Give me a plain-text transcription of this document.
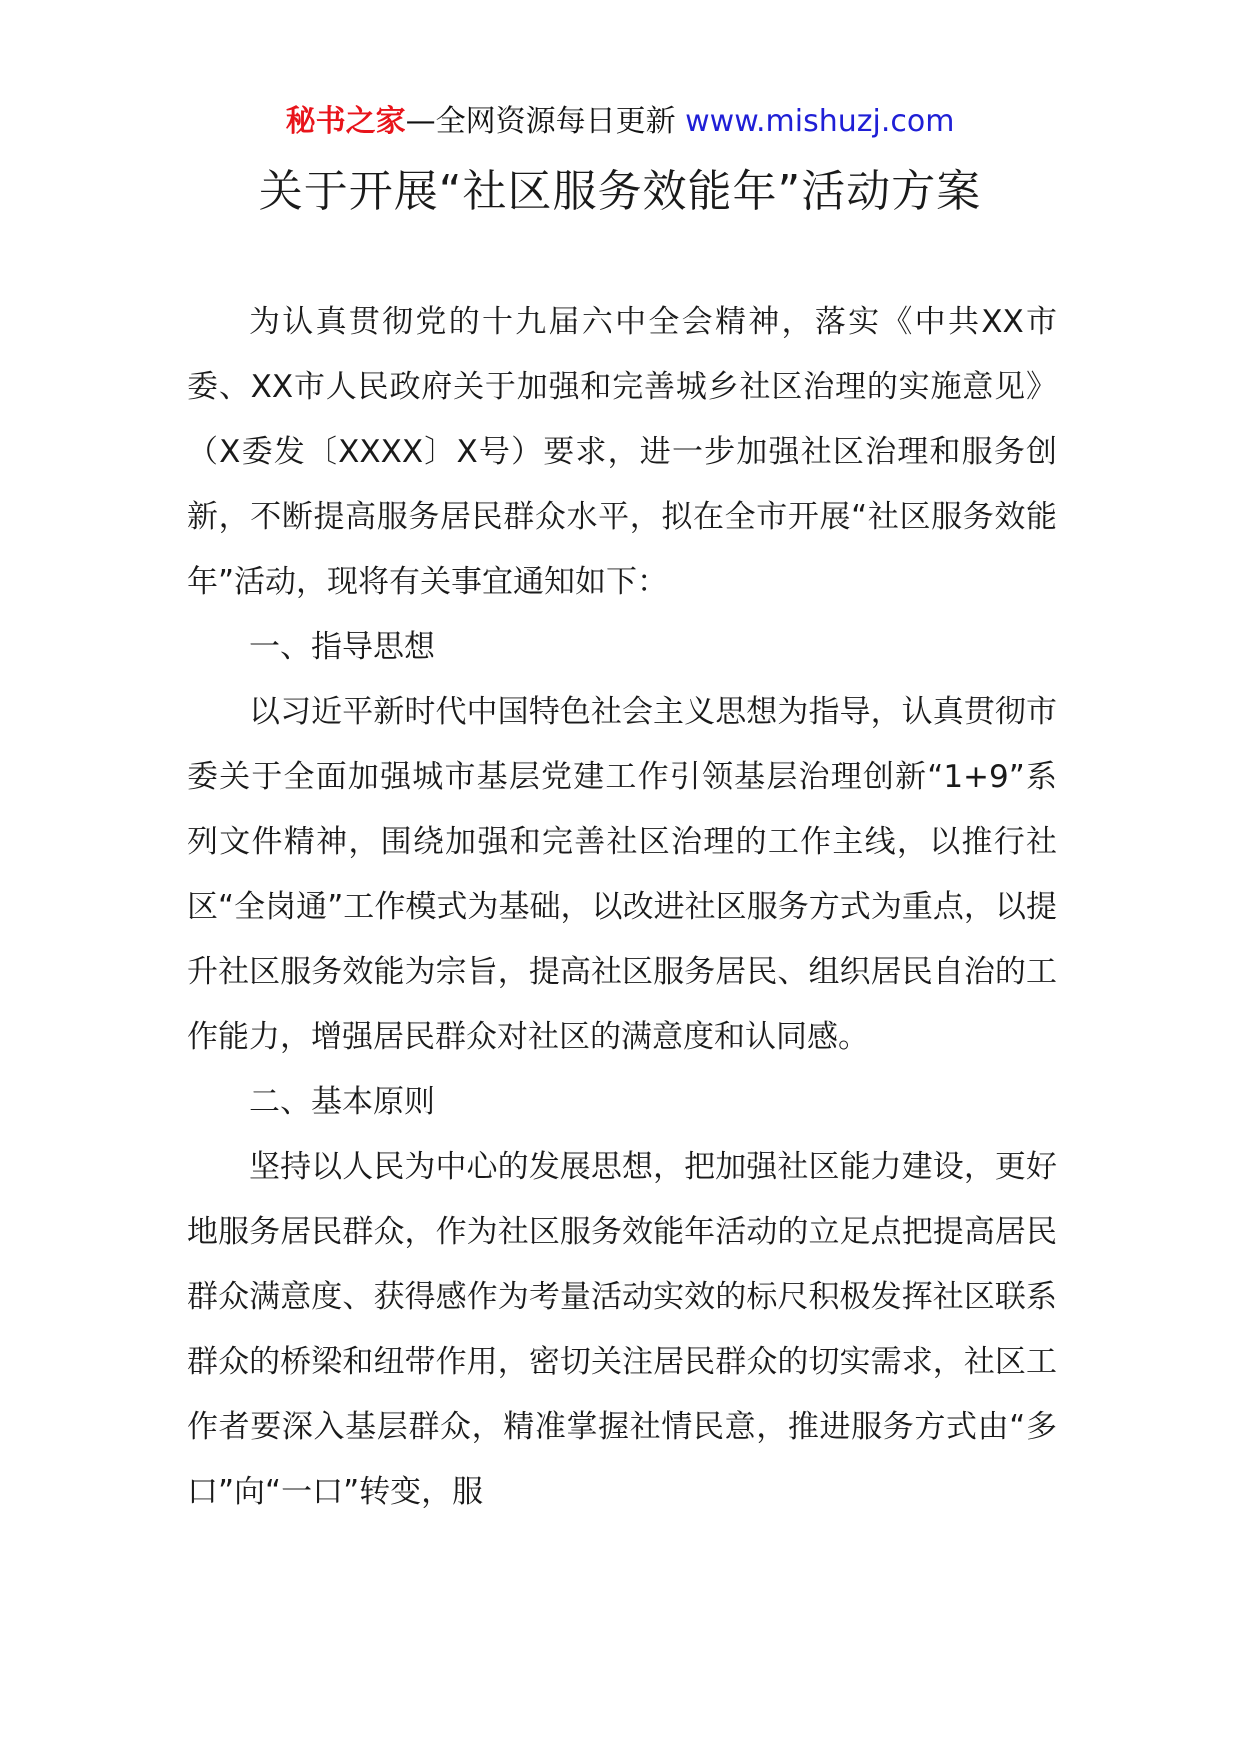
秘书之家—全网资源每日更新 www.mishuzj.com
关于开展“社区服务效能年”活动方案

为认真贯彻党的十九届六中全会精神，落实《中共XX市委、XX市人民政府关于加强和完善城乡社区治理的实施意见》（X委发〔XXXX〕X号）要求，进一步加强社区治理和服务创新，不断提高服务居民群众水平，拟在全市开展“社区服务效能年”活动，现将有关事宜通知如下：

一、指导思想

以习近平新时代中国特色社会主义思想为指导，认真贯彻市委关于全面加强城市基层党建工作引领基层治理创新“1+9”系列文件精神，围绕加强和完善社区治理的工作主线，以推行社区“全岗通”工作模式为基础，以改进社区服务方式为重点，以提升社区服务效能为宗旨，提高社区服务居民、组织居民自治的工作能力，增强居民群众对社区的满意度和认同感。

二、基本原则

坚持以人民为中心的发展思想，把加强社区能力建设，更好地服务居民群众，作为社区服务效能年活动的立足点把提高居民群众满意度、获得感作为考量活动实效的标尺积极发挥社区联系群众的桥梁和纽带作用，密切关注居民群众的切实需求，社区工作者要深入基层群众，精准掌握社情民意，推进服务方式由“多口”向“一口”转变，服
